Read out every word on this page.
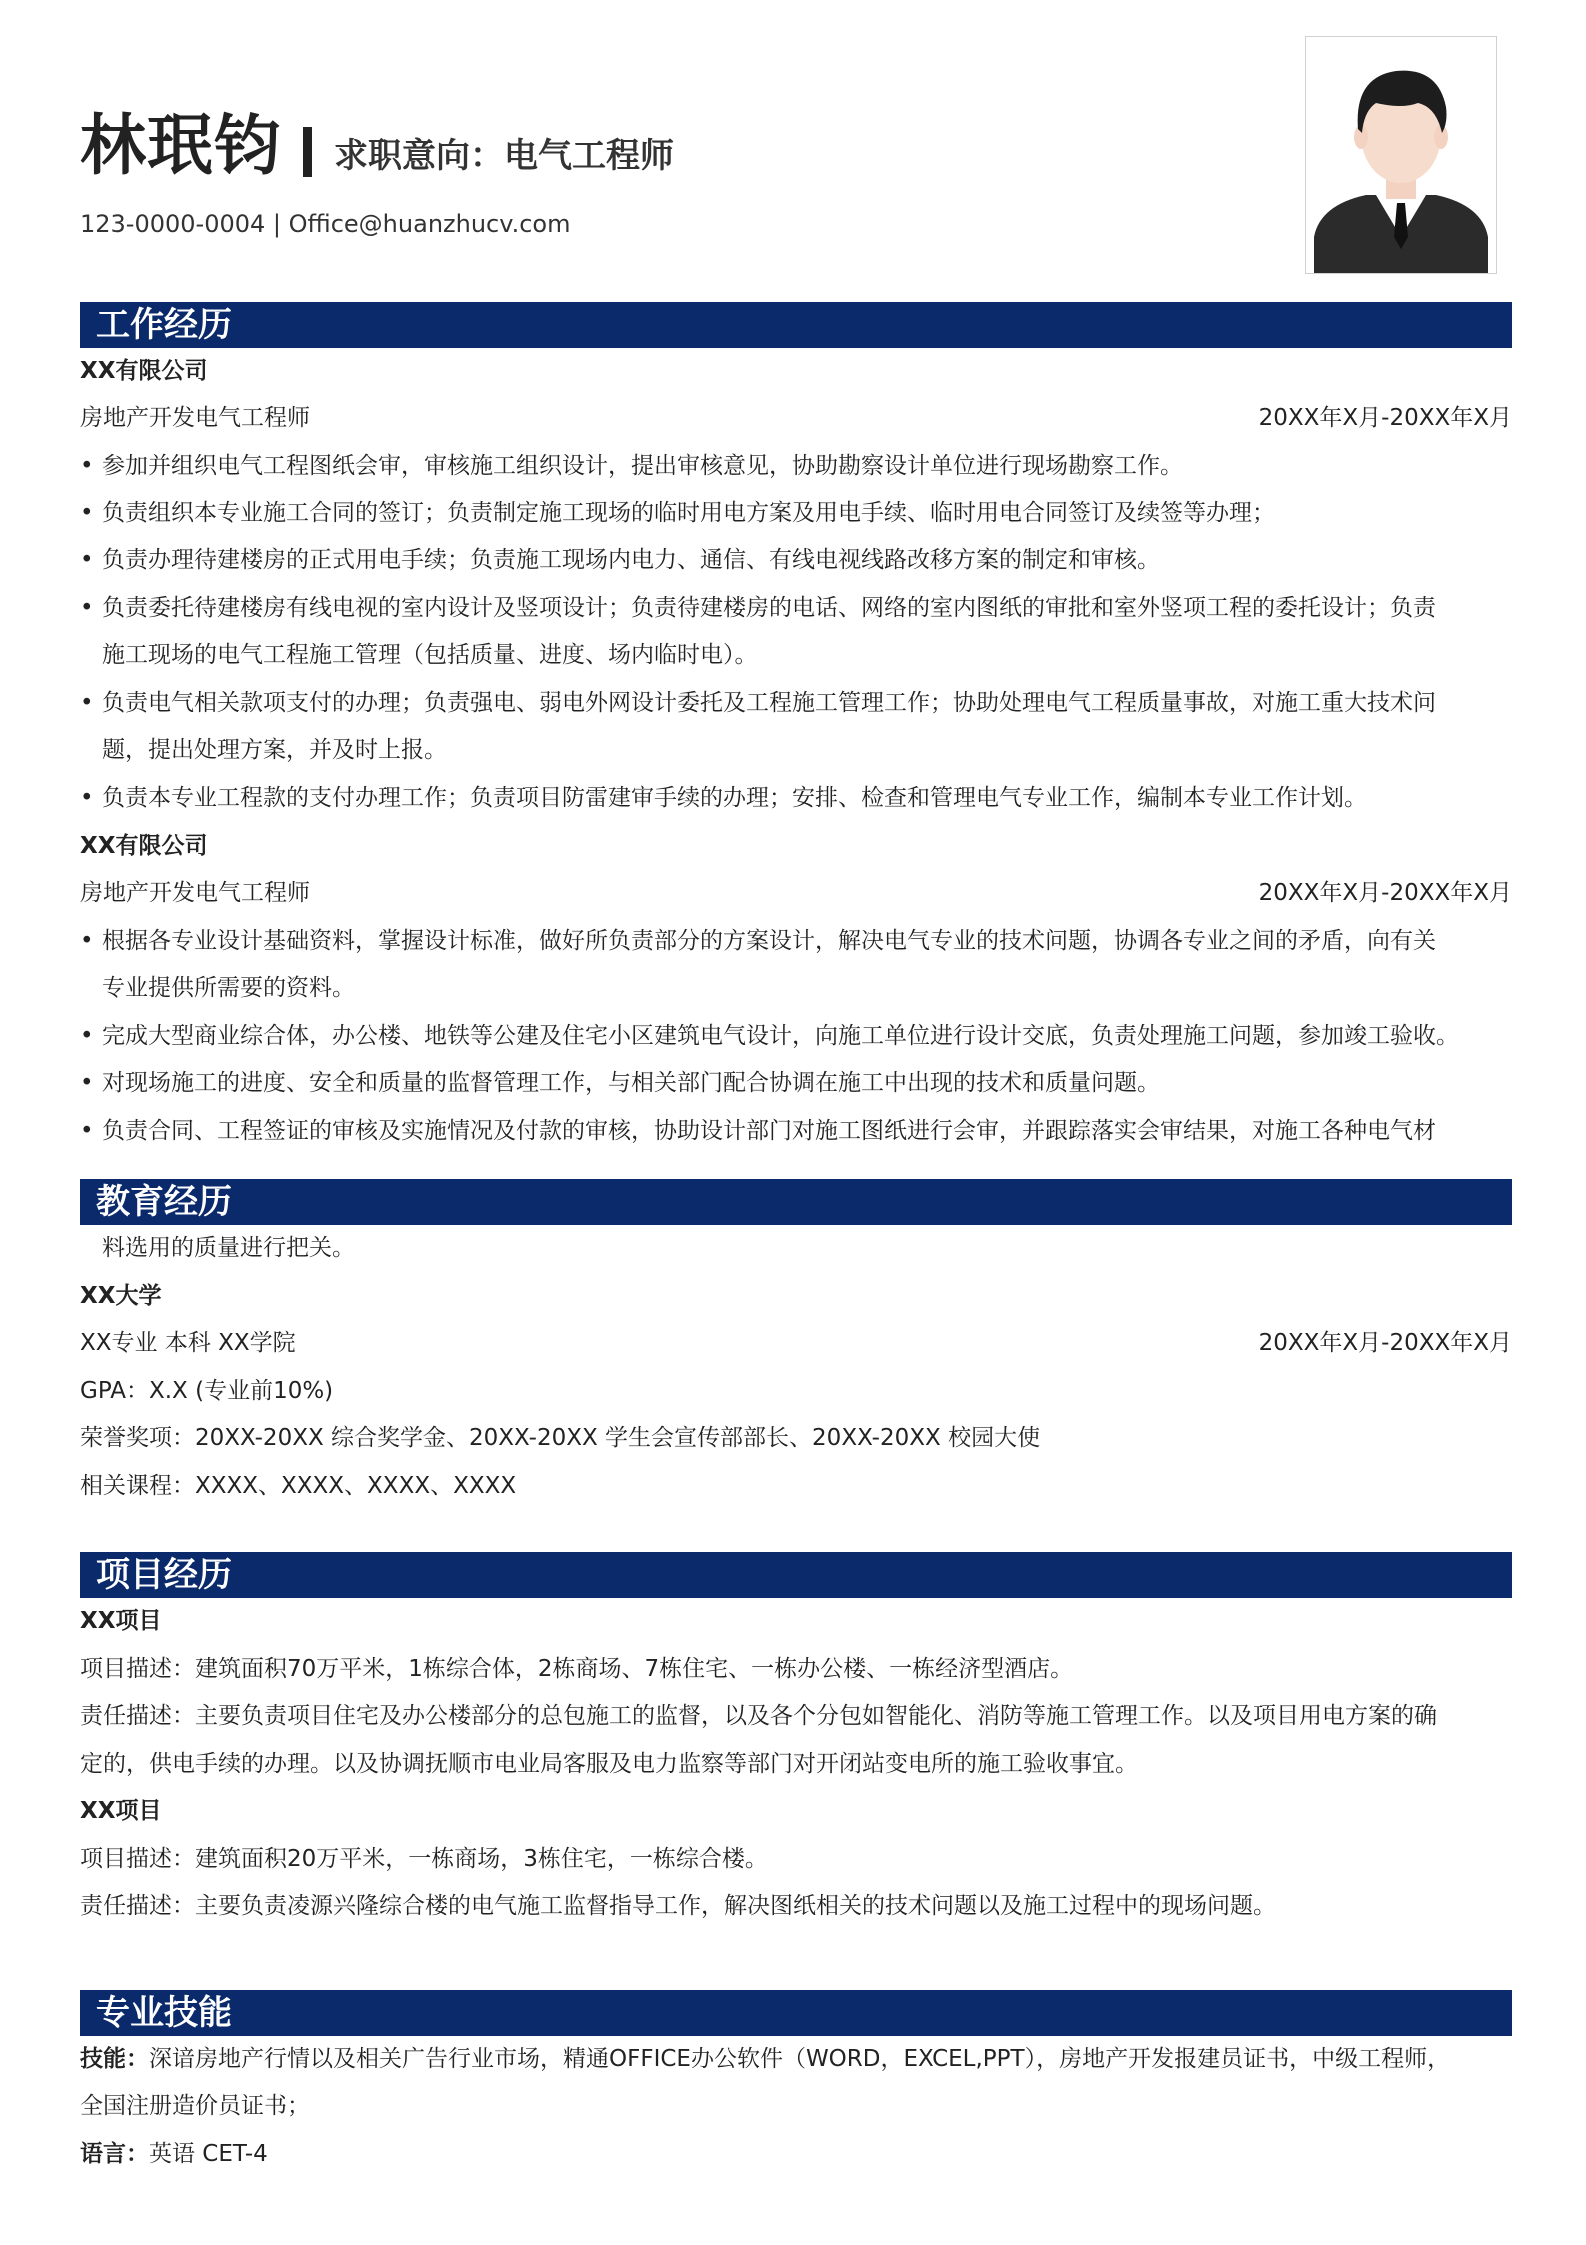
林珉钧 求职意向：电气工程师
123-0000-0004 | Office@huanzhucv.com
工作经历
XX有限公司
房地产开发电气工程师	20XX年X月-20XX年X月
• 参加并组织电气工程图纸会审，审核施工组织设计，提出审核意见，协助勘察设计单位进行现场勘察工作。
• 负责组织本专业施工合同的签订；负责制定施工现场的临时用电方案及用电手续、临时用电合同签订及续签等办理；
• 负责办理待建楼房的正式用电手续；负责施工现场内电力、通信、有线电视线路改移方案的制定和审核。
• 负责委托待建楼房有线电视的室内设计及竖项设计；负责待建楼房的电话、网络的室内图纸的审批和室外竖项工程的委托设计；负责
施工现场的电气工程施工管理（包括质量、进度、场内临时电）。
• 负责电气相关款项支付的办理；负责强电、弱电外网设计委托及工程施工管理工作；协助处理电气工程质量事故，对施工重大技术问
题，提出处理方案，并及时上报。
• 负责本专业工程款的支付办理工作；负责项目防雷建审手续的办理；安排、检查和管理电气专业工作，编制本专业工作计划。
XX有限公司
房地产开发电气工程师	20XX年X月-20XX年X月
• 根据各专业设计基础资料，掌握设计标准，做好所负责部分的方案设计，解决电气专业的技术问题，协调各专业之间的矛盾，向有关
专业提供所需要的资料。
• 完成大型商业综合体，办公楼、地铁等公建及住宅小区建筑电气设计，向施工单位进行设计交底，负责处理施工问题，参加竣工验收。
• 对现场施工的进度、安全和质量的监督管理工作，与相关部门配合协调在施工中出现的技术和质量问题。
• 负责合同、工程签证的审核及实施情况及付款的审核，协助设计部门对施工图纸进行会审，并跟踪落实会审结果，对施工各种电气材
教育经历
料选用的质量进行把关。
XX大学
XX专业 本科 XX学院	20XX年X月-20XX年X月
GPA：X.X (专业前10%)
荣誉奖项：20XX-20XX 综合奖学金、20XX-20XX 学生会宣传部部长、20XX-20XX 校园大使
相关课程：XXXX、XXXX、XXXX、XXXX
项目经历
XX项目
项目描述：建筑面积70万平米，1栋综合体，2栋商场、7栋住宅、一栋办公楼、一栋经济型酒店。
责任描述：主要负责项目住宅及办公楼部分的总包施工的监督，以及各个分包如智能化、消防等施工管理工作。以及项目用电方案的确
定的，供电手续的办理。以及协调抚顺市电业局客服及电力监察等部门对开闭站变电所的施工验收事宜。
XX项目
项目描述：建筑面积20万平米，一栋商场，3栋住宅，一栋综合楼。
责任描述：主要负责凌源兴隆综合楼的电气施工监督指导工作，解决图纸相关的技术问题以及施工过程中的现场问题。
专业技能
技能：深谙房地产行情以及相关广告行业市场，精通OFFICE办公软件（WORD，EXCEL,PPT），房地产开发报建员证书，中级工程师，
全国注册造价员证书；
语言：英语 CET-4
